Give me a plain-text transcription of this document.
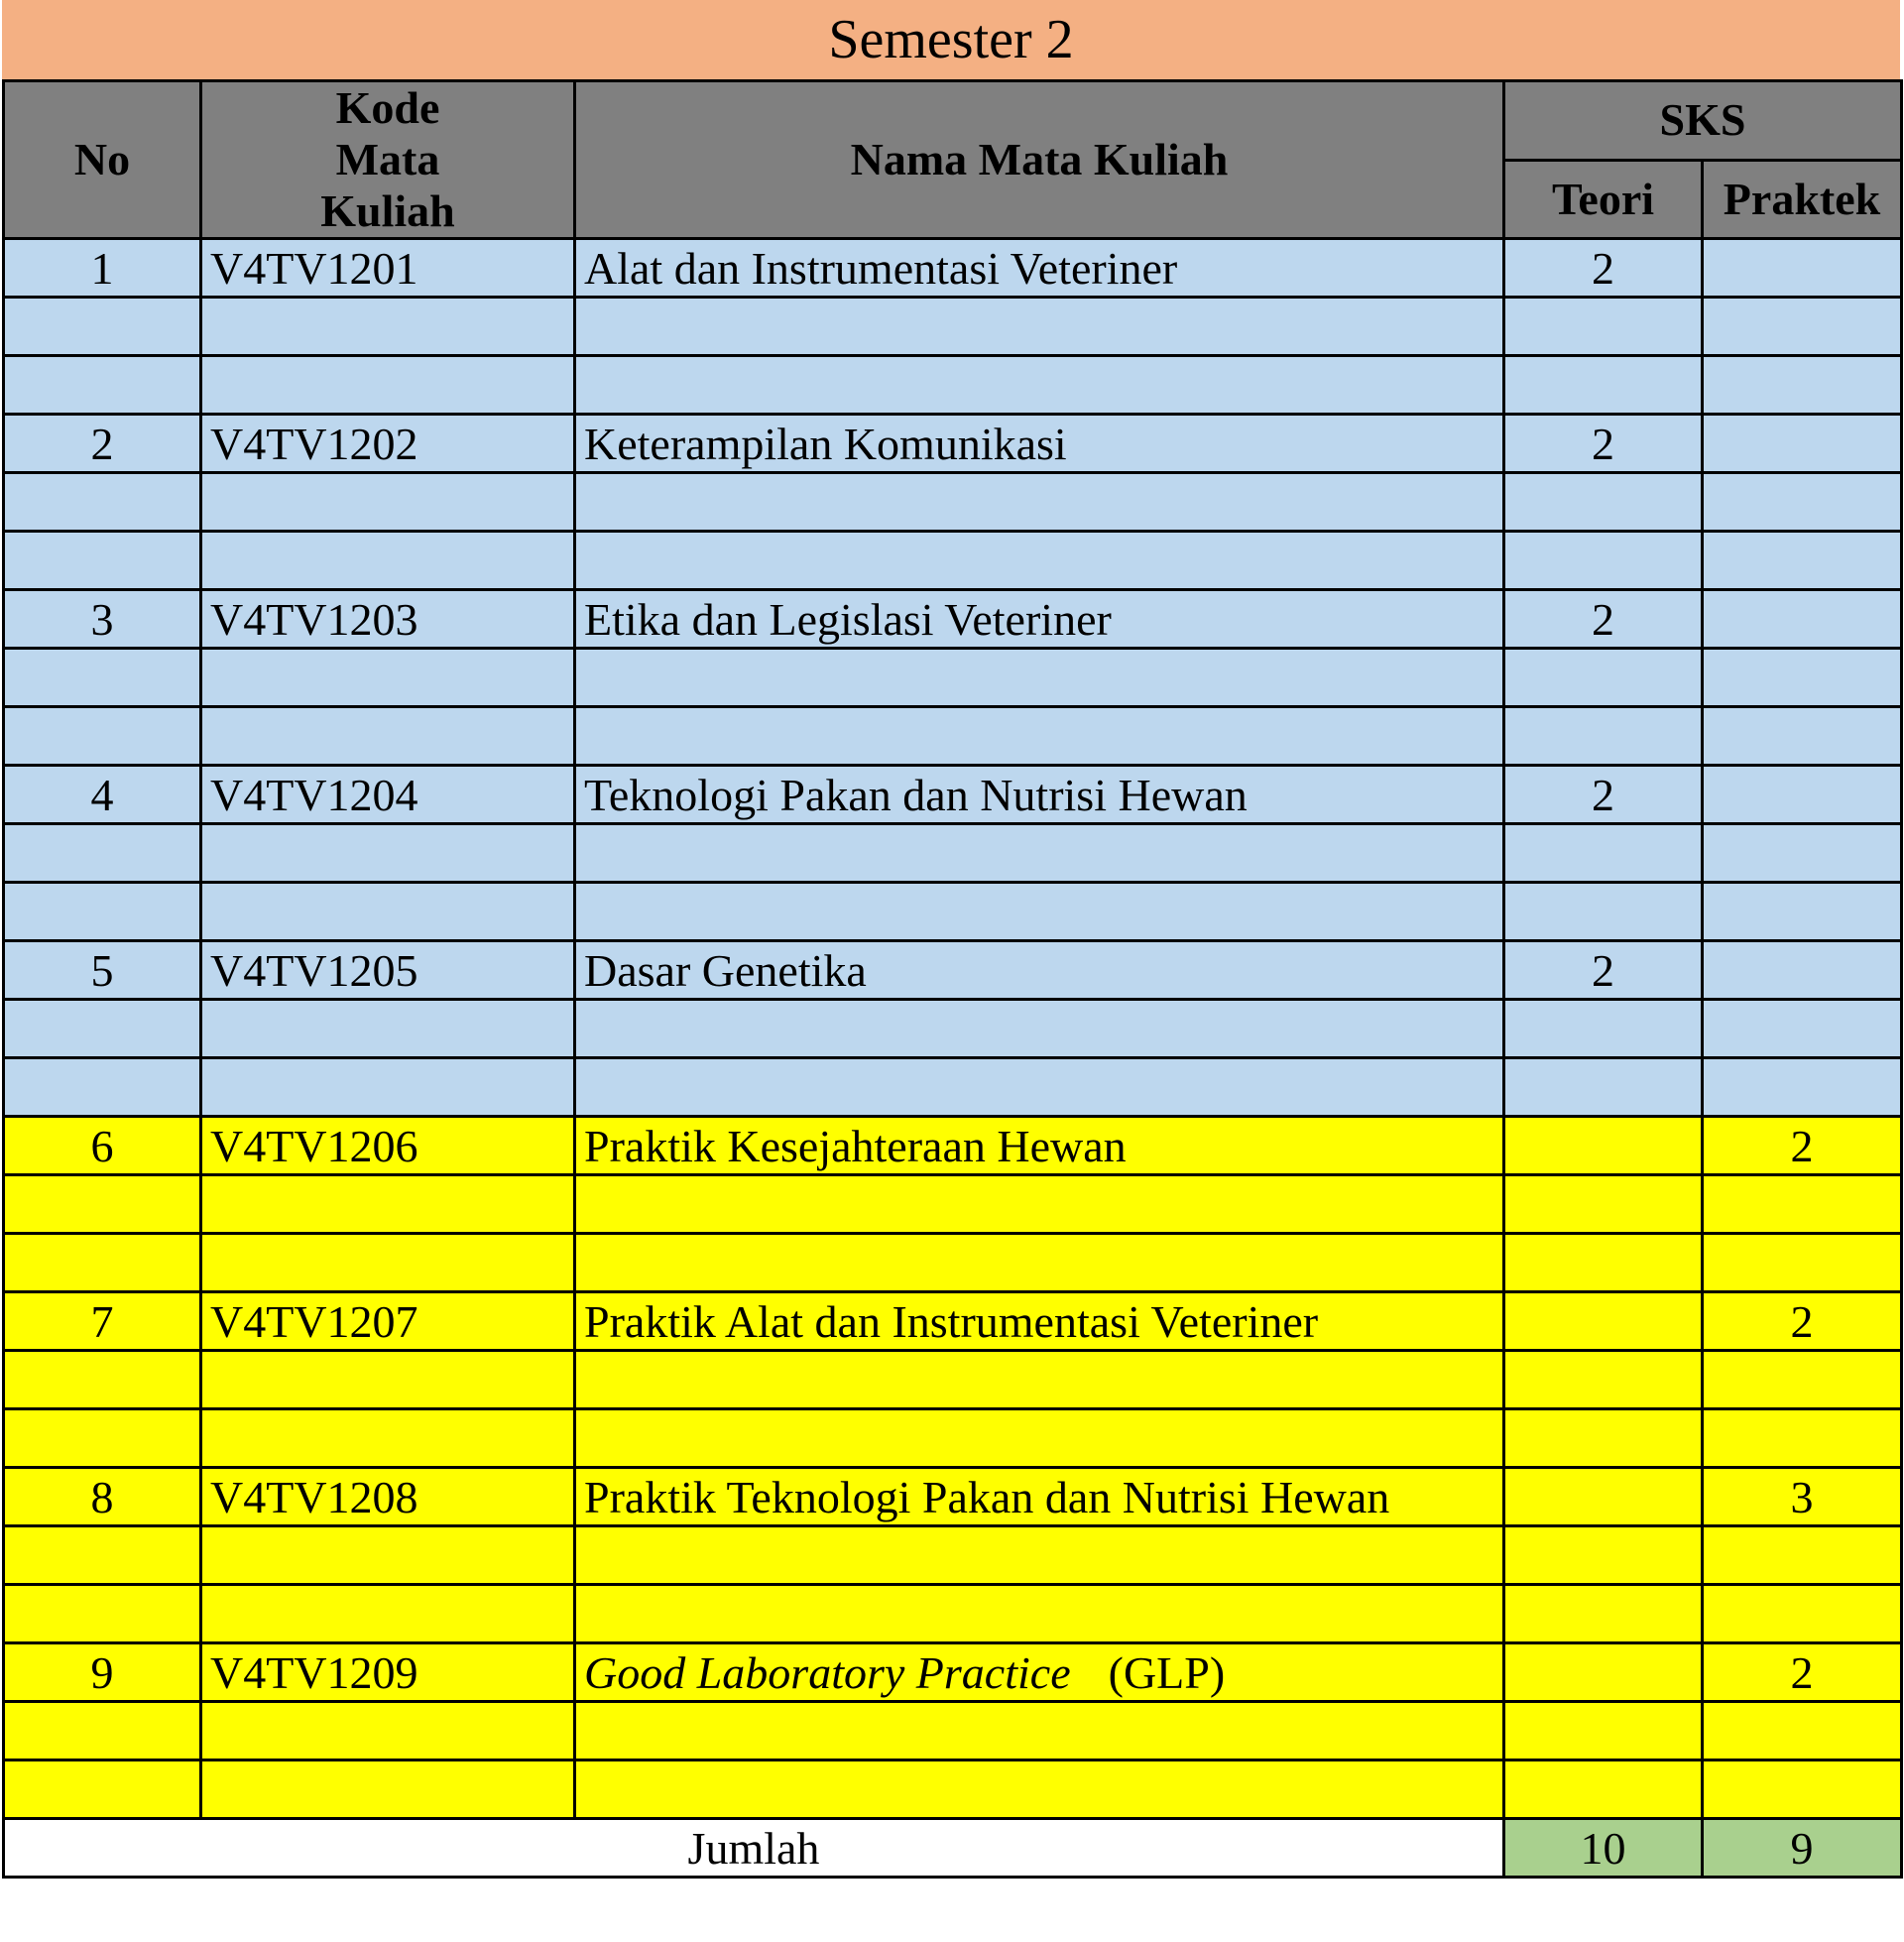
Semester 2
No	Kode Mata Kuliah	Nama Mata Kuliah	SKS	
			Teori	Praktek
1	V4TV1201	Alat dan Instrumentasi Veteriner	2	

2	V4TV1202	Keterampilan Komunikasi	2	

3	V4TV1203	Etika dan Legislasi Veteriner	2	

4	V4TV1204	Teknologi Pakan dan Nutrisi Hewan	2	

5	V4TV1205	Dasar Genetika	2	

6	V4TV1206	Praktik Kesejahteraan Hewan		2

7	V4TV1207	Praktik Alat dan Instrumentasi Veteriner		2

8	V4TV1208	Praktik Teknologi Pakan dan Nutrisi Hewan		3

9	V4TV1209	Good Laboratory Practice (GLP)		2

Jumlah			10	9
